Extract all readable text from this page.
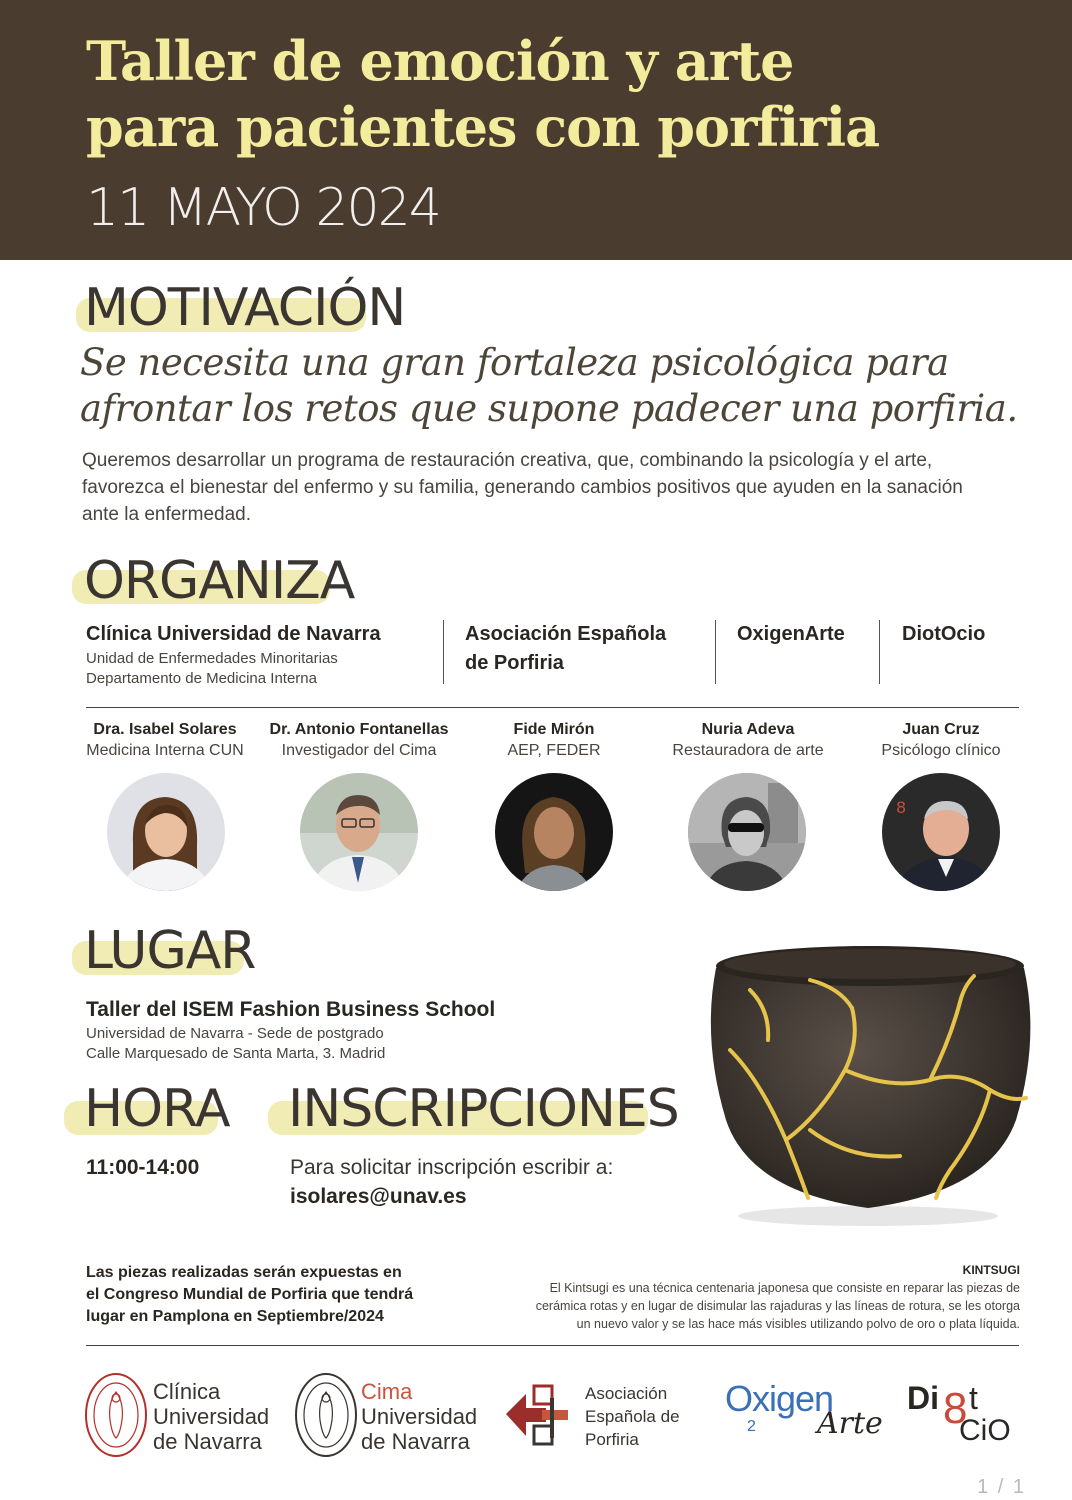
Taller de emoción y arte
para pacientes con porfiria
11 MAYO 2024
MOTIVACIÓN
Se necesita una gran fortaleza psicológica para
afrontar los retos que supone padecer una porfiria.
Queremos desarrollar un programa de restauración creativa, que, combinando la psicología y el arte, favorezca el bienestar del enfermo y su familia, generando cambios positivos que ayuden en la sanación ante la enfermedad.
ORGANIZA
Clínica Universidad de Navarra
Unidad de Enfermedades Minoritarias
Departamento de Medicina Interna
Asociación Española
de Porfiria
OxigenArte	DiotOcio
Dra. Isabel Solares
Medicina Interna CUN
Dr. Antonio Fontanellas
Investigador del Cima
Fide Mirón
AEP, FEDER
Nuria Adeva
Restauradora de arte
Juan Cruz
Psicólogo clínico
8
LUGAR
Taller del ISEM Fashion Business School
Universidad de Navarra - Sede de postgrado
Calle Marquesado de Santa Marta, 3. Madrid
HORA
11:00-14:00
INSCRIPCIONES
Para solicitar inscripción escribir a:
isolares@unav.es
Las piezas realizadas serán expuestas en
el Congreso Mundial de Porfiria que tendrá
lugar en Pamplona en Septiembre/2024
KINTSUGI
El Kintsugi es una técnica centenaria japonesa que consiste en reparar las piezas de
cerámica rotas y en lugar de disimular las rajaduras y las líneas de rotura, se les otorga
un nuevo valor y se las hace más visibles utilizando polvo de oro o plata líquida.
Clínica
Universidad
de Navarra
Cima
Universidad
de Navarra
Asociación
Española de
Porfiria
Oxigen
2 Arte
Di 8 t
CiO
1 / 1
